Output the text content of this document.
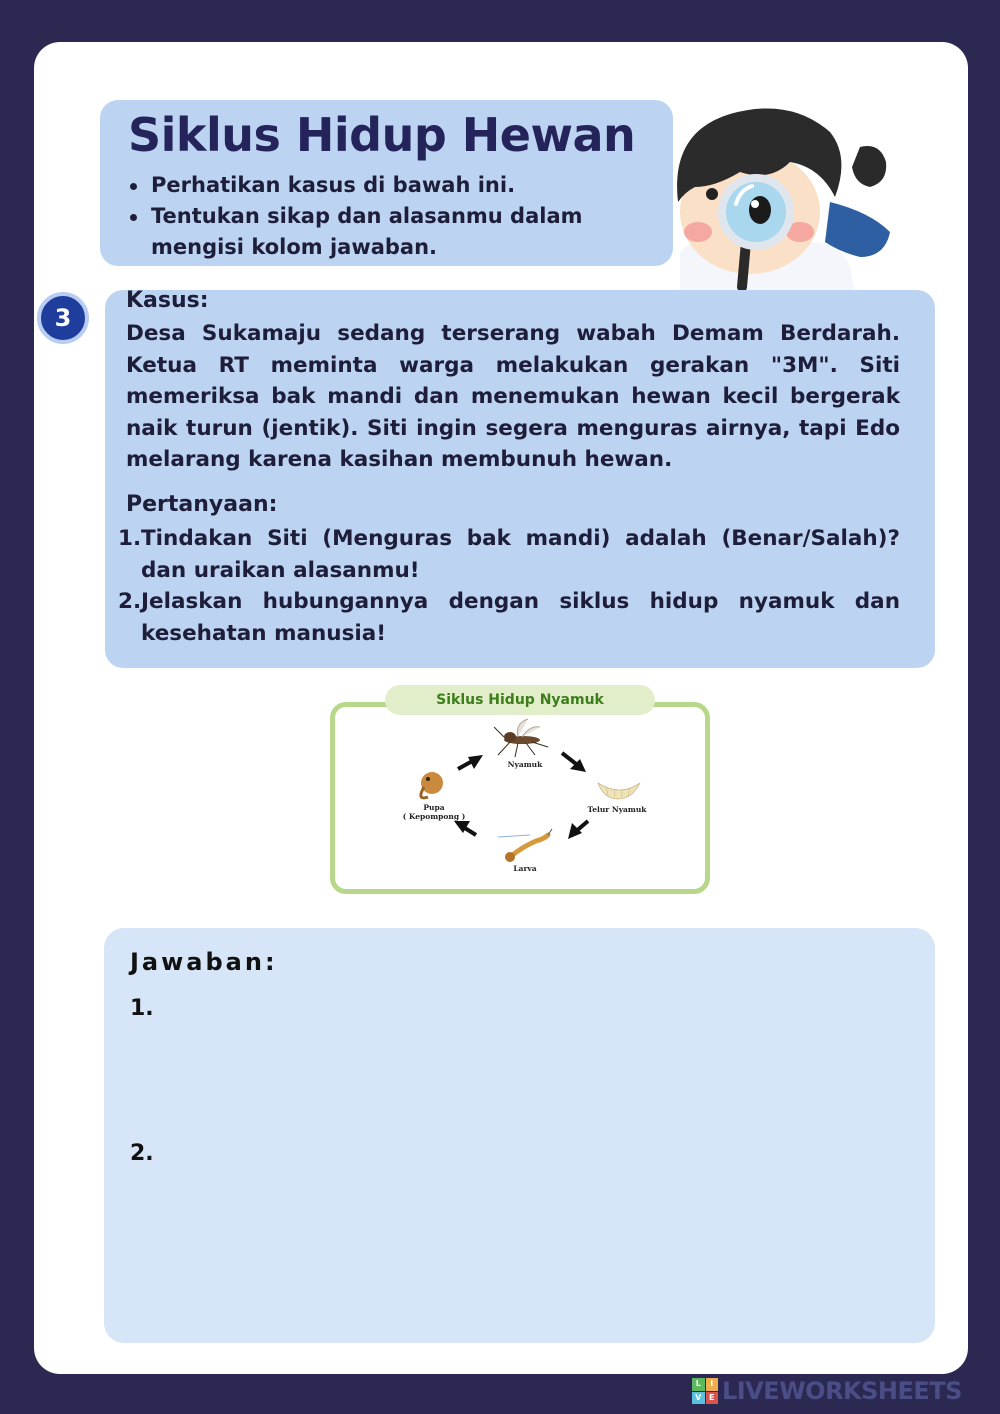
Siklus Hidup Hewan
Perhatikan kasus di bawah ini.
Tentukan sikap dan alasanmu dalam mengisi kolom jawaban.
3
Kasus:
Desa Sukamaju sedang terserang wabah Demam Berdarah. Ketua RT meminta warga melakukan gerakan "3M". Siti memeriksa bak mandi dan menemukan hewan kecil bergerak naik turun (jentik). Siti ingin segera menguras airnya, tapi Edo melarang karena kasihan membunuh hewan.
Pertanyaan:
1. Tindakan Siti (Menguras bak mandi) adalah (Benar/Salah)? dan uraikan alasanmu!
2. Jelaskan hubungannya dengan siklus hidup nyamuk dan kesehatan manusia!
Siklus Hidup Nyamuk
Nyamuk
Telur Nyamuk
Larva
Pupa
( Kepompong )
Jawaban:
1.
2.
L	I
V E LIVEWORKSHEETS
